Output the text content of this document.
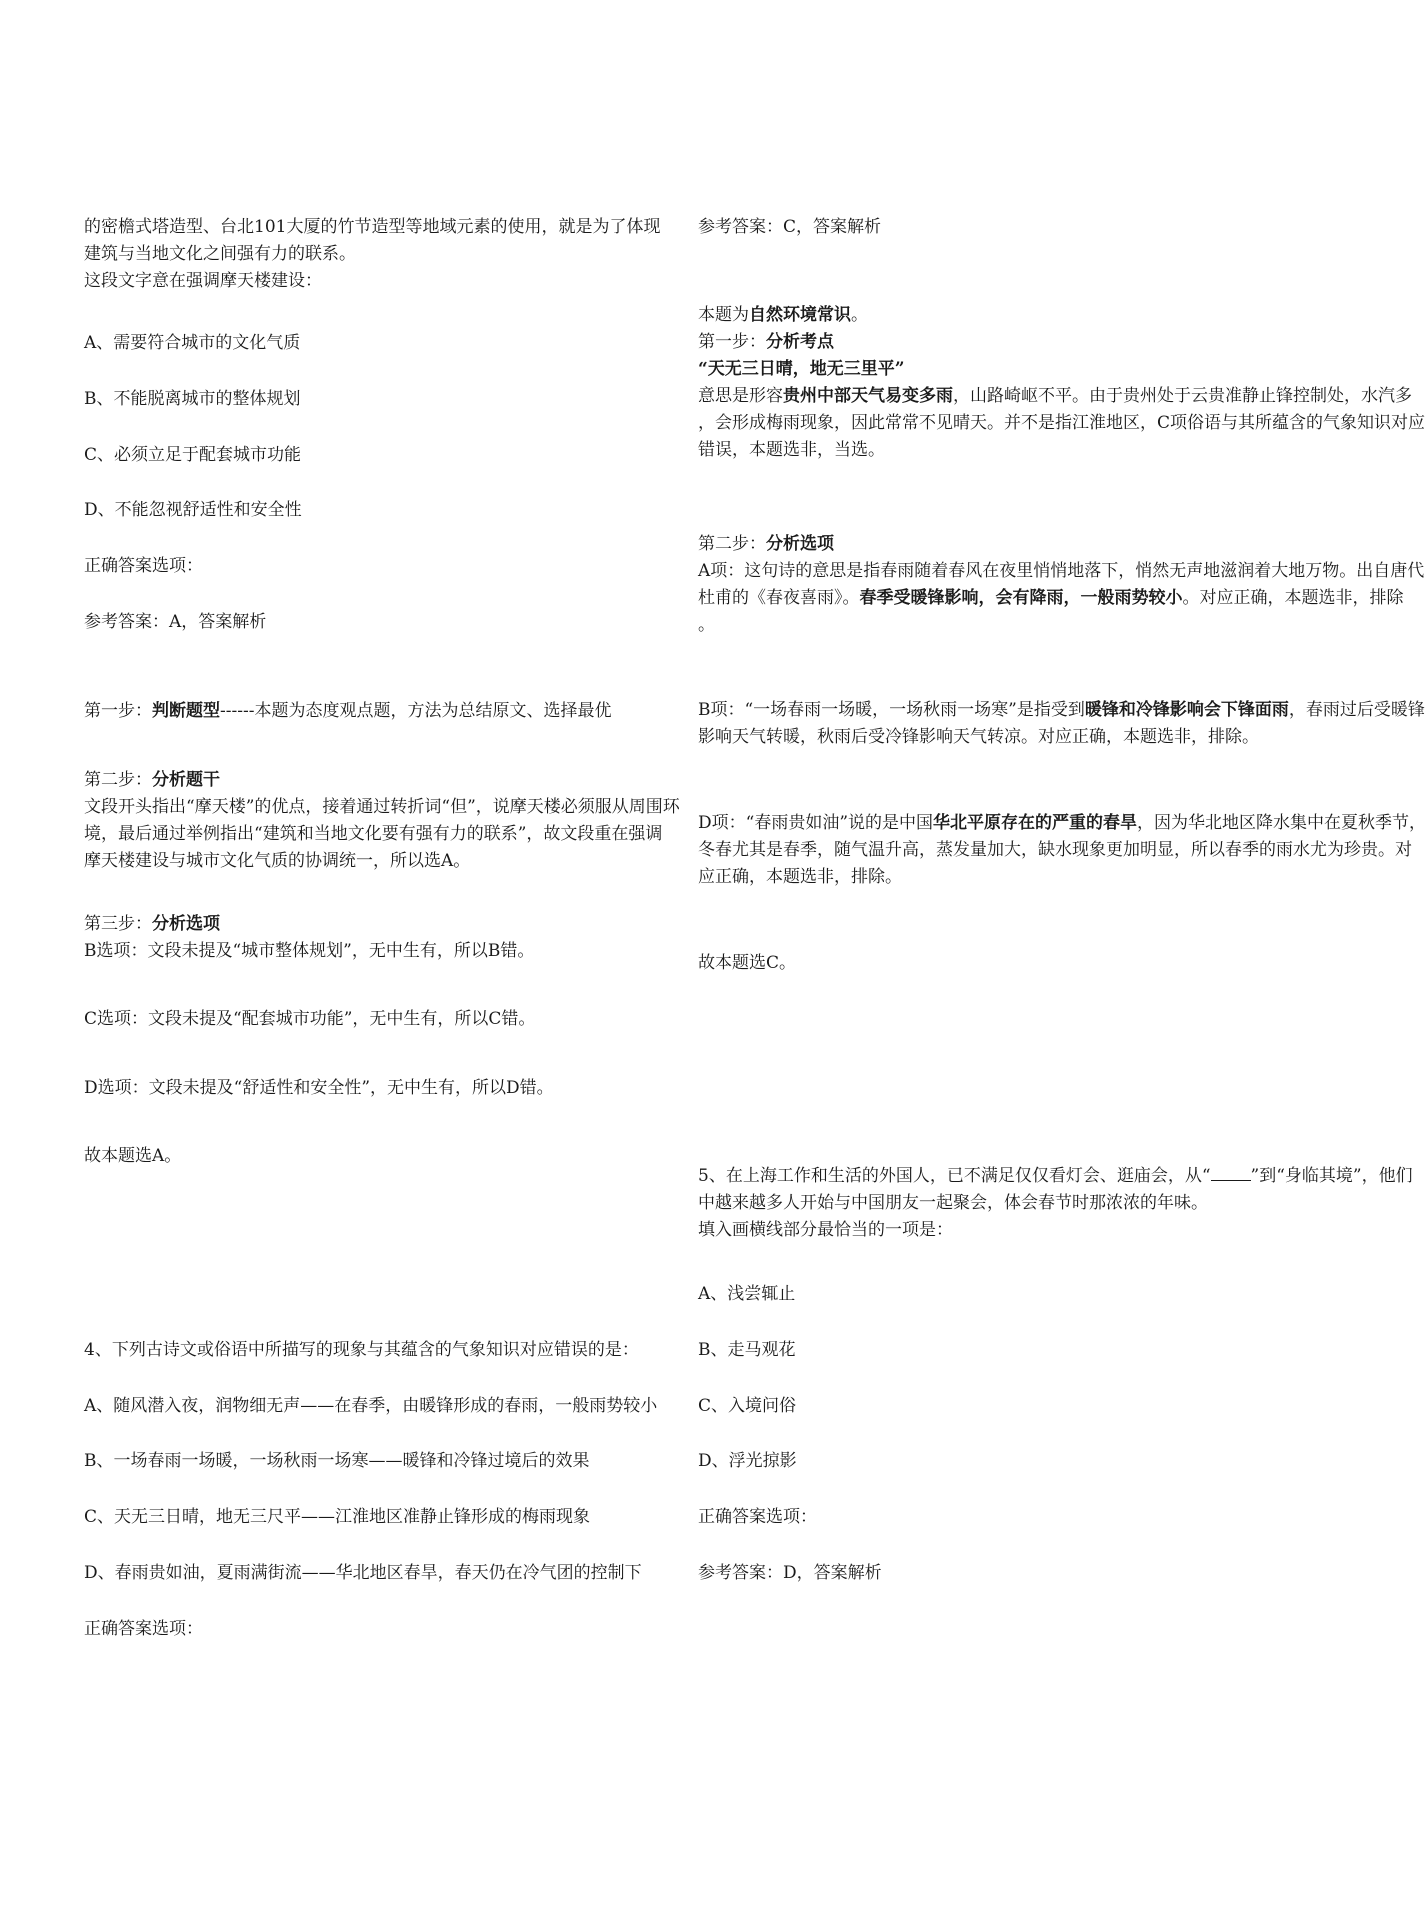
的密檐式塔造型、台北101大厦的竹节造型等地域元素的使用，就是为了体现
建筑与当地文化之间强有力的联系。
这段文字意在强调摩天楼建设：
A、需要符合城市的文化气质
B、不能脱离城市的整体规划
C、必须立足于配套城市功能
D、不能忽视舒适性和安全性
正确答案选项：
参考答案：A，答案解析
第一步：判断题型------本题为态度观点题，方法为总结原文、选择最优
第二步：分析题干
文段开头指出“摩天楼”的优点，接着通过转折词“但”，说摩天楼必须服从周围环
境，最后通过举例指出“建筑和当地文化要有强有力的联系”，故文段重在强调
摩天楼建设与城市文化气质的协调统一，所以选A。
第三步：分析选项
B选项：文段未提及“城市整体规划”，无中生有，所以B错。
C选项：文段未提及“配套城市功能”，无中生有，所以C错。
D选项：文段未提及“舒适性和安全性”，无中生有，所以D错。
故本题选A。
4、下列古诗文或俗语中所描写的现象与其蕴含的气象知识对应错误的是：
A、随风潜入夜，润物细无声——在春季，由暖锋形成的春雨，一般雨势较小
B、一场春雨一场暖，一场秋雨一场寒——暖锋和冷锋过境后的效果
C、天无三日晴，地无三尺平——江淮地区准静止锋形成的梅雨现象
D、春雨贵如油，夏雨满街流——华北地区春旱，春天仍在冷气团的控制下
正确答案选项：
参考答案：C，答案解析
本题为自然环境常识。
第一步：分析考点
“天无三日晴，地无三里平”
意思是形容贵州中部天气易变多雨，山路崎岖不平。由于贵州处于云贵准静止锋控制处，水汽多
，会形成梅雨现象，因此常常不见晴天。并不是指江淮地区，C项俗语与其所蕴含的气象知识对应
错误，本题选非，当选。
第二步：分析选项
A项：这句诗的意思是指春雨随着春风在夜里悄悄地落下，悄然无声地滋润着大地万物。出自唐代
杜甫的《春夜喜雨》。春季受暖锋影响，会有降雨，一般雨势较小。对应正确，本题选非，排除
。
B项：“一场春雨一场暖，一场秋雨一场寒”是指受到暖锋和冷锋影响会下锋面雨，春雨过后受暖锋
影响天气转暖，秋雨后受冷锋影响天气转凉。对应正确，本题选非，排除。
D项：“春雨贵如油”说的是中国华北平原存在的严重的春旱，因为华北地区降水集中在夏秋季节，
冬春尤其是春季，随气温升高，蒸发量加大，缺水现象更加明显，所以春季的雨水尤为珍贵。对
应正确，本题选非，排除。
故本题选C。
5、在上海工作和生活的外国人，已不满足仅仅看灯会、逛庙会，从“ ”到“身临其境”，他们
中越来越多人开始与中国朋友一起聚会，体会春节时那浓浓的年味。
填入画横线部分最恰当的一项是：
A、浅尝辄止
B、走马观花
C、入境问俗
D、浮光掠影
正确答案选项：
参考答案：D，答案解析
